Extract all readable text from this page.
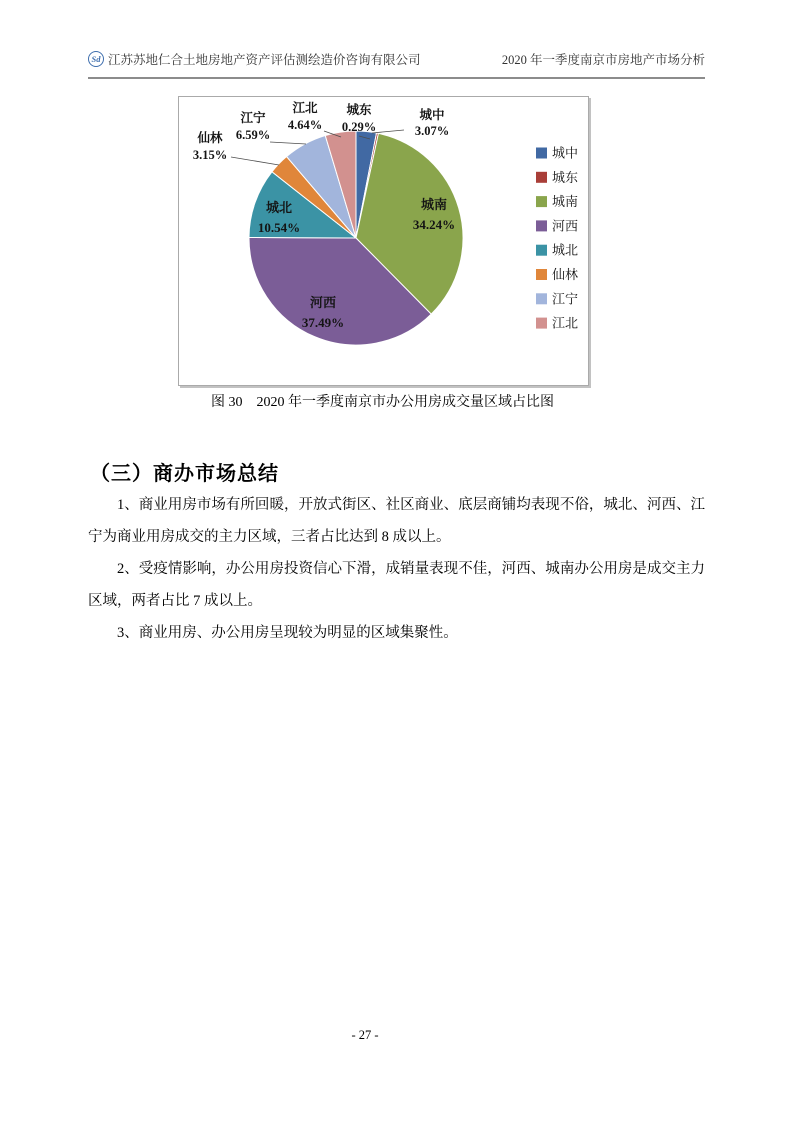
Sd 江苏苏地仁合土地房地产资产评估测绘造价咨询有限公司	2020 年一季度南京市房地产市场分析
城中
3.07%
城东
0.29%
城南
34.24%
河西
37.49%
城北
10.54%
仙林
3.15%
江宁
6.59%
江北
4.64%
城中
城东
城南
河西
城北
仙林
江宁
江北
图 30　2020 年一季度南京市办公用房成交量区域占比图
（三）商办市场总结

1、商业用房市场有所回暖，开放式街区、社区商业、底层商铺均表现不俗，城北、河西、江宁为商业用房成交的主力区域，三者占比达到 8 成以上。

2、受疫情影响，办公用房投资信心下滑，成销量表现不佳，河西、城南办公用房是成交主力区域，两者占比 7 成以上。

3、商业用房、办公用房呈现较为明显的区域集聚性。

- 27 -
